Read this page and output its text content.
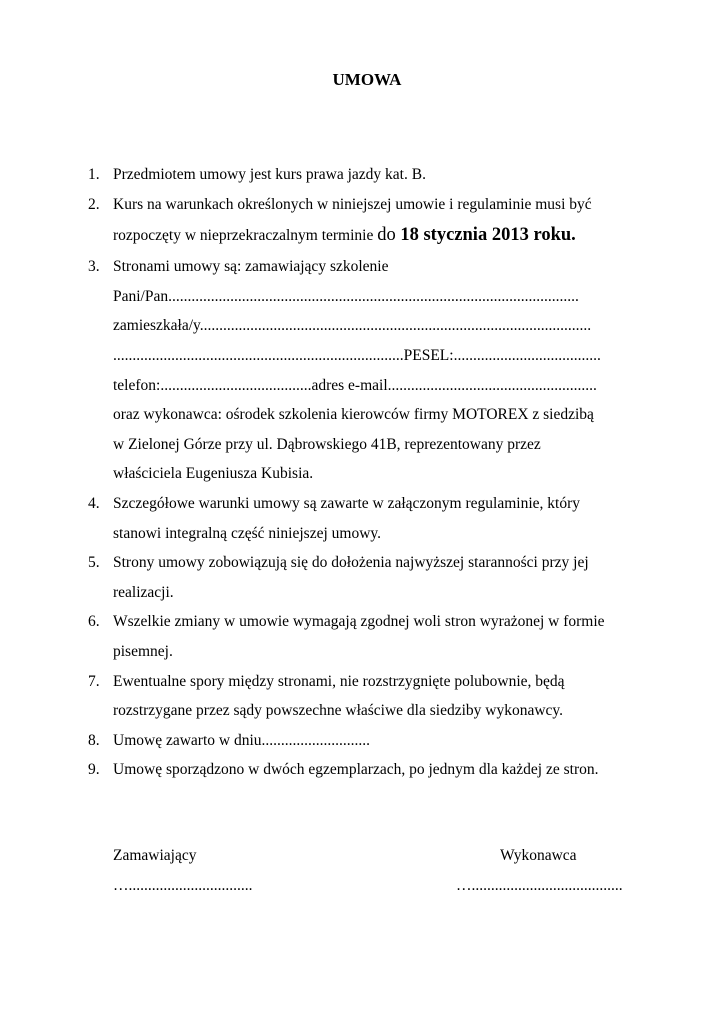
UMOWA
1. Przedmiotem umowy jest kurs prawa jazdy kat. B.
2. Kurs na warunkach określonych w niniejszej umowie i regulaminie musi być
rozpoczęty w nieprzekraczalnym terminie do 18 stycznia 2013 roku.
3. Stronami umowy są: zamawiający szkolenie
Pani/Pan..........................................................................................................
zamieszkała/y.....................................................................................................
...........................................................................PESEL:......................................
telefon:.......................................adres e-mail......................................................
oraz wykonawca: ośrodek szkolenia kierowców firmy MOTOREX z siedzibą
w Zielonej Górze przy ul. Dąbrowskiego 41B, reprezentowany przez
właściciela Eugeniusza Kubisia.
4. Szczegółowe warunki umowy są zawarte w załączonym regulaminie, który
stanowi integralną część niniejszej umowy.
5. Strony umowy zobowiązują się do dołożenia najwyższej staranności przy jej
realizacji.
6. Wszelkie zmiany w umowie wymagają zgodnej woli stron wyrażonej w formie
pisemnej.
7. Ewentualne spory między stronami, nie rozstrzygnięte polubownie, będą
rozstrzygane przez sądy powszechne właściwe dla siedziby wykonawcy.
8. Umowę zawarto w dniu............................
9. Umowę sporządzono w dwóch egzemplarzach, po jednym dla każdej ze stron.
Zamawiający
…................................
Wykonawca
….......................................
